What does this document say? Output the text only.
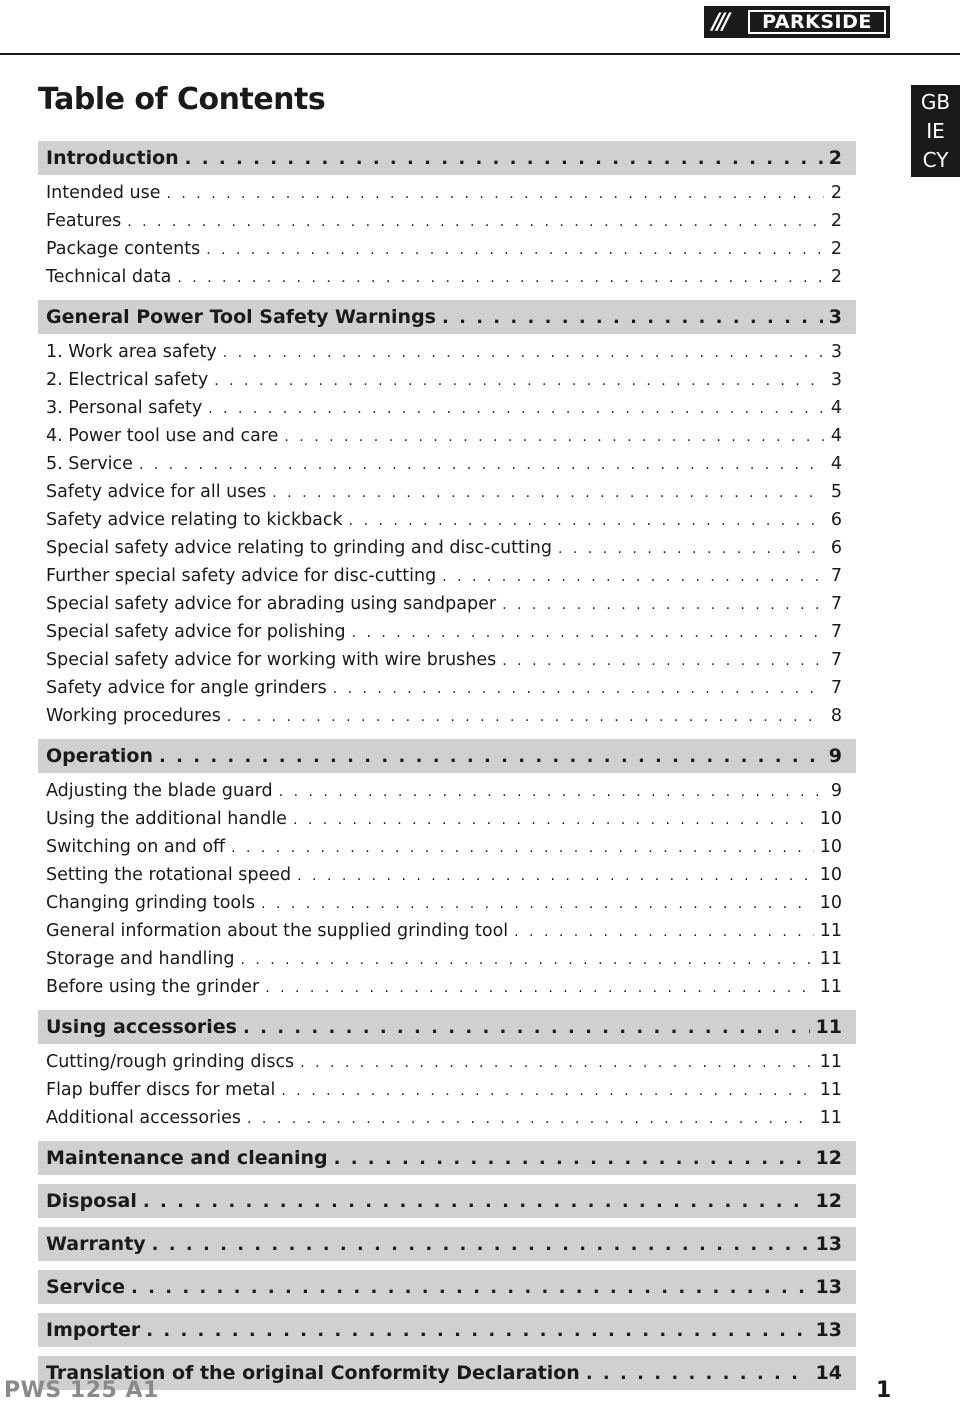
///	PARKSIDE
Table of Contents	GB
IE
CY
Introduction . . .	2
Intended use . . .	2
Features . . .	2
Package contents . . .	2
Technical data . . .	2
General Power Tool Safety Warnings . . .	3
1. Work area safety . . .	3
2. Electrical safety . . .	3
3. Personal safety . . .	4
4. Power tool use and care . . .	4
5. Service . . .	4
Safety advice for all uses . . .	5
Safety advice relating to kickback . . .	6
Special safety advice relating to grinding and disc-cutting . . .	6
Further special safety advice for disc-cutting . . .	7
Special safety advice for abrading using sandpaper . . .	7
Special safety advice for polishing . . .	7
Special safety advice for working with wire brushes . . .	7
Safety advice for angle grinders . . .	7
Working procedures . . .	8
Operation . . .	9
Adjusting the blade guard . . .	9
Using the additional handle . . .	10
Switching on and off . . .	10
Setting the rotational speed . . .	10
Changing grinding tools . . .	10
General information about the supplied grinding tool . . .	11
Storage and handling . . .	11
Before using the grinder . . .	11
Using accessories . . .	11
Cutting/rough grinding discs . . .	11
Flap buffer discs for metal . . .	11
Additional accessories . . .	11
Maintenance and cleaning . . .	12
Disposal . . .	12
Warranty . . .	13
Service . . .	13
Importer . . .	13
Translation of the original Conformity Declaration . . .	14
PWS 125 A1	1
